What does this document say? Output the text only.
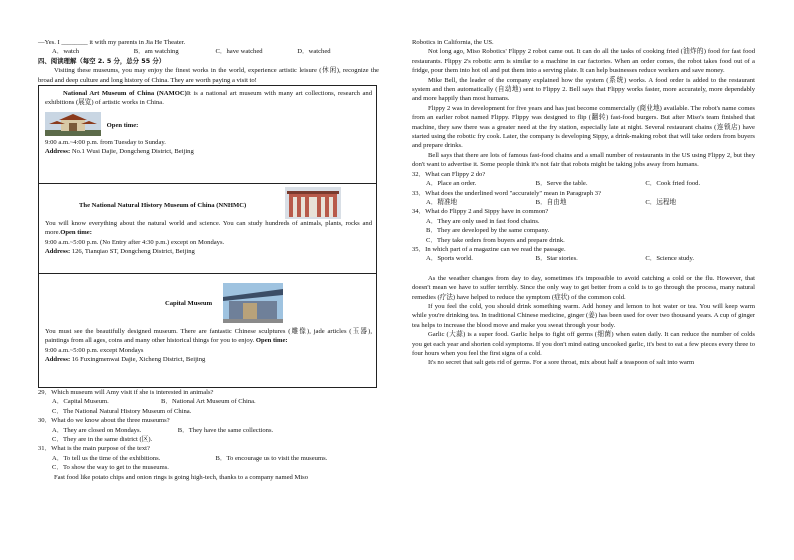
—Yes. I ________ it with my parents in Jia He Theater.

A．watch	B．am watching	C．have watched	D．watched

四、阅读理解（每空 2. 5 分，总分 55 分）

Visiting these museums, you may enjoy the finest works in the world, experience artistic leisure (休闲), recognize the broad and deep culture and long history of China. They are worth paying a visit to!

National Art Museum of China (NAMOC)It is a national art museum with many art collections, research and exhibitions (展览) of artistic works in China.

Open time:

9:00 a.m.~4:00 p.m. from Tuesday to Sunday.

Address: No.1 Wusi Dajie, Dongcheng District, Beijing

The National Natural History Museum of China (NNHMC)

You will know everything about the natural world and science. You can study hundreds of animals, plants, rocks and more.Open time:

9:00 a.m.~5:00 p.m. (No Entry after 4:30 p.m.) except on Mondays.

Address: 126, Tianqiao ST, Dongcheng District, Beijing

Capital Museum

You must see the beautifully designed museum. There are fantastic Chinese sculptures (雕像), jade articles (玉器), paintings from all ages, coins and many other historical things for you to enjoy. Open time:

9:00 a.m.~5:00 p.m. except Mondays

Address: 16 Fuxingmenwai Dajie, Xicheng District, Beijing

29．Which museum will Amy visit if she is interested in animals?

A．Capital Museum.	B．National Art Museum of China.

C．The National Natural History Museum of China.

30．What do we know about the three museums?

A．They are closed on Mondays.	B．They have the same collections.

C．They are in the same district (区).

31．What is the main purpose of the text?

A．To tell us the time of the exhibitions.	B．To encourage us to visit the museums.

C．To show the way to get to the museums.

Fast food like potato chips and onion rings is going high-tech, thanks to a company named Miso

Robotics in California, the US.

Not long ago, Miso Robotics' Flippy 2 robot came out. It can do all the tasks of cooking fried (油炸的) food for fast food restaurants. Flippy 2's robotic arm is similar to a machine in car factories. When an order comes, the robot takes food out of a fridge, pour them into hot oil and put them into a serving plate. It can help businesses reduce workers and save money.

Mike Bell, the leader of the company explained how the system (系统) works. A food order is added to the restaurant system and then automatically (自动地) sent to Flippy 2. Bell says that Flippy works faster, more accurately, more dependably and more happily than most humans.

Flippy 2 was in development for five years and has just become commercially (商业地) available. The robot's name comes from an earlier robot named Flippy. Flippy was designed to flip (翻转) fast-food burgers. But after Miso's team finished that machine, they saw there was a greater need at the fry station, especially late at night. Several restaurant chains (连锁店) have started using the robotic fry cook. Later, the company is developing Sippy, a drink-making robot that will take orders from buyers and prepare drinks.

Bell says that there are lots of famous fast-food chains and a small number of restaurants in the US using Flippy 2, but they don't want to advertise it. Some people think it's not fair that robots might be taking jobs away from humans.

32．What can Flippy 2 do?

A．Place an order.	B．Serve the table.	C．Cook fried food.

33．What does the underlined word "accurately" mean in Paragraph 3?

A．精准地	B．自由地	C．远程地

34．What do Flippy 2 and Sippy have in common?

A．They are only used in fast food chains.

B．They are developed by the same company.

C．They take orders from buyers and prepare drink.

35．In which part of a magazine can we read the passage.

A．Sports world.	B．Star stories.	C．Science study.

As the weather changes from day to day, sometimes it's impossible to avoid catching a cold or the flu. However, that doesn't mean we have to suffer terribly. Since the only way to get better from a cold is to go through the process, many natural remedies (疗法) have helped to reduce the symptom (症状) of the common cold.

If you feel the cold, you should drink something warm. Add honey and lemon to hot water or tea. You will keep warm while you're drinking tea. In traditional Chinese medicine, ginger (姜) has been used for over two thousand years. A cup of ginger tea helps to increase the blood move and make you sweat through your body.

Garlic (大蒜) is a super food. Garlic helps to fight off germs (细菌) when eaten daily. It can reduce the number of colds you get each year and shorten cold symptoms. If you don't mind eating uncooked garlic, it's best to eat a few pieces every three to four hours when you feel the first signs of a cold.

It's no secret that salt gets rid of germs. For a sore throat, mix about half a teaspoon of salt into warm
